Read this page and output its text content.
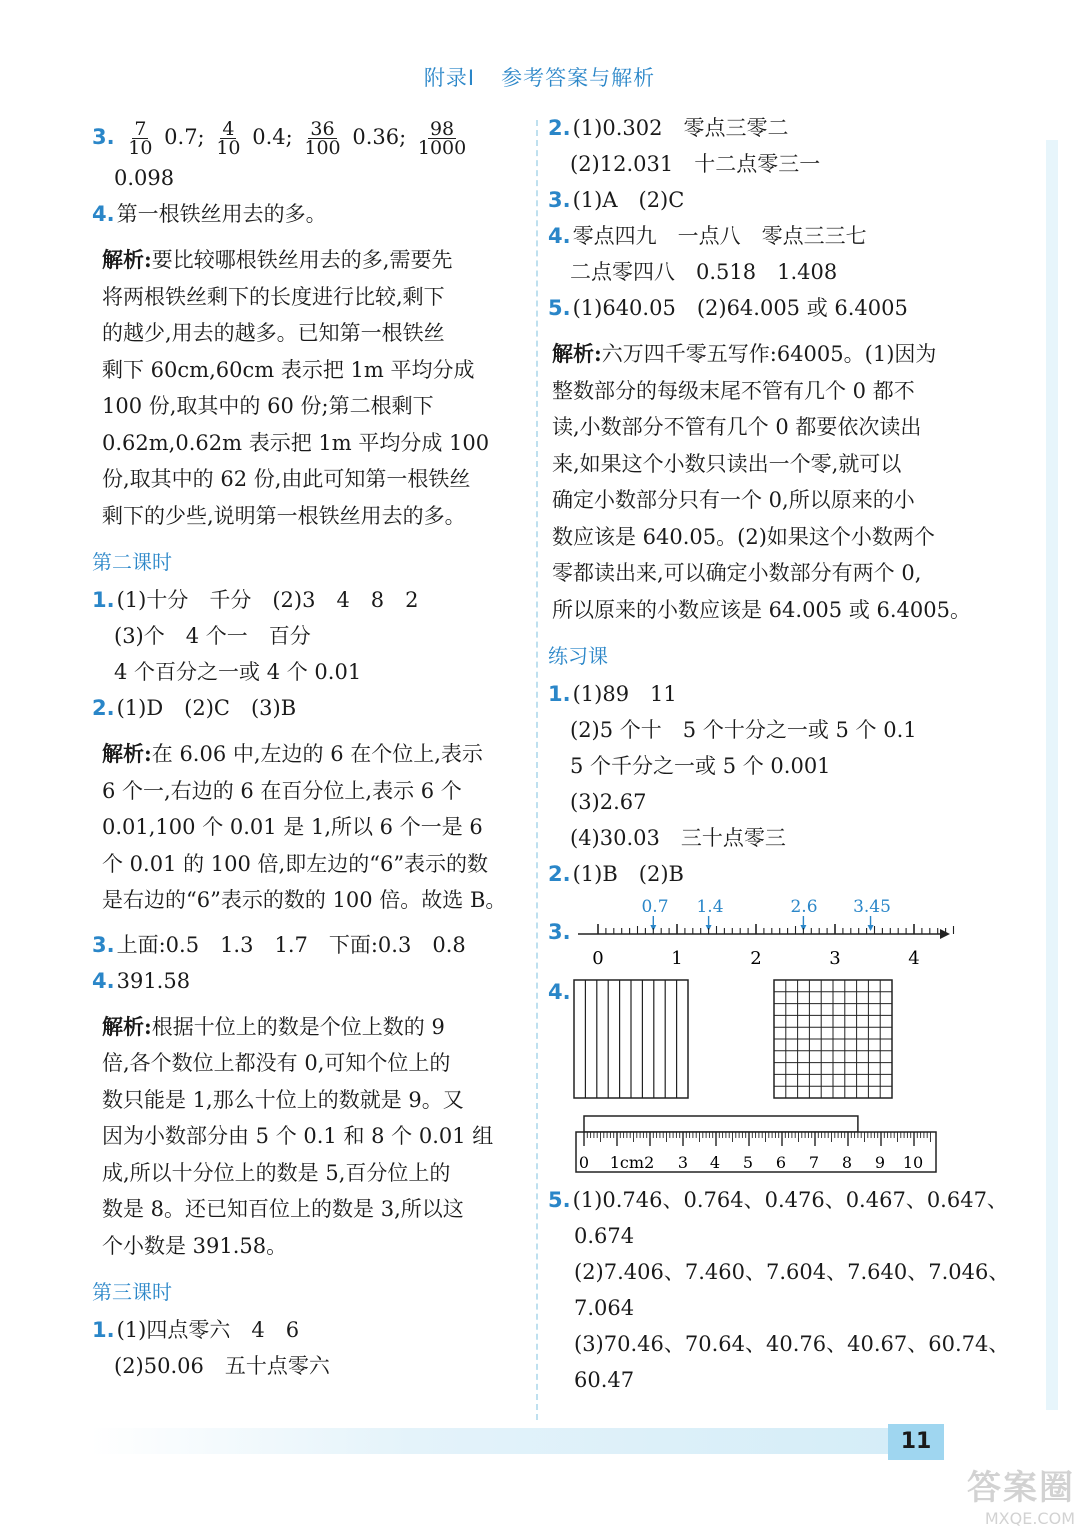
附录Ⅰ 参考答案与解析
3. $\frac{7}{10} 0.7$; $\frac{4}{10} 0.4$; $\frac{36}{100} 0.36$; $\frac{98}{1000}$
0.098
4.第一根铁丝用去的多。
解析:要比较哪根铁丝用去的多,需要先
将两根铁丝剩下的长度进行比较,剩下
的越少,用去的越多。已知第一根铁丝
剩下 60cm,60cm 表示把 1m 平均分成
100 份,取其中的 60 份;第二根剩下
0.62m,0.62m 表示把 1m 平均分成 100
份,取其中的 62 份,由此可知第一根铁丝
剩下的少些,说明第一根铁丝用去的多。
第二课时
1.(1)十分　千分　(2)3　4　8　2
(3)个　4 个一　百分
4 个百分之一或 4 个 0.01
2.(1)D　(2)C　(3)B
解析:在 6.06 中,左边的 6 在个位上,表示
6 个一,右边的 6 在百分位上,表示 6 个
0.01,100 个 0.01 是 1,所以 6 个一是 6
个 0.01 的 100 倍,即左边的“6”表示的数
是右边的“6”表示的数的 100 倍。故选 B。
3.上面:0.5　1.3　1.7　下面:0.3　0.8
4.391.58
解析:根据十位上的数是个位上数的 9
倍,各个数位上都没有 0,可知个位上的
数只能是 1,那么十位上的数就是 9。又
因为小数部分由 5 个 0.1 和 8 个 0.01 组
成,所以十分位上的数是 5,百分位上的
数是 8。还已知百位上的数是 3,所以这
个小数是 391.58。
第三课时
1.(1)四点零六　4　6
(2)50.06　五十点零六
2.(1)0.302　零点三零二
(2)12.031　十二点零三一
3.(1)A　(2)C
4.零点四九　一点八　零点三三七
二点零四八　0.518　1.408
5.(1)640.05　(2)64.005 或 6.4005
解析:六万四千零五写作:64005。(1)因为
整数部分的每级末尾不管有几个 0 都不
读,小数部分不管有几个 0 都要依次读出
来,如果这个小数只读出一个零,就可以
确定小数部分只有一个 0,所以原来的小
数应该是 640.05。(2)如果这个小数两个
零都读出来,可以确定小数部分有两个 0,
所以原来的小数应该是 64.005 或 6.4005。
练习课
1.(1)89　11
(2)5 个十　5 个十分之一或 5 个 0.1
5 个千分之一或 5 个 0.001
(3)2.67
(4)30.03　三十点零三
2.(1)B　(2)B
3.
0.7 1.4	2.6 3.45
0	1	2	3	4
4.
0 1cm2 3 4 5 6 7 8 9 10
5.(1)0.746、0.764、0.476、0.467、0.647、
0.674
(2)7.406、7.460、7.604、7.640、7.046、
7.064
(3)70.46、70.64、40.76、40.67、60.74、
60.47
11
答案圈
MXQE.COM
